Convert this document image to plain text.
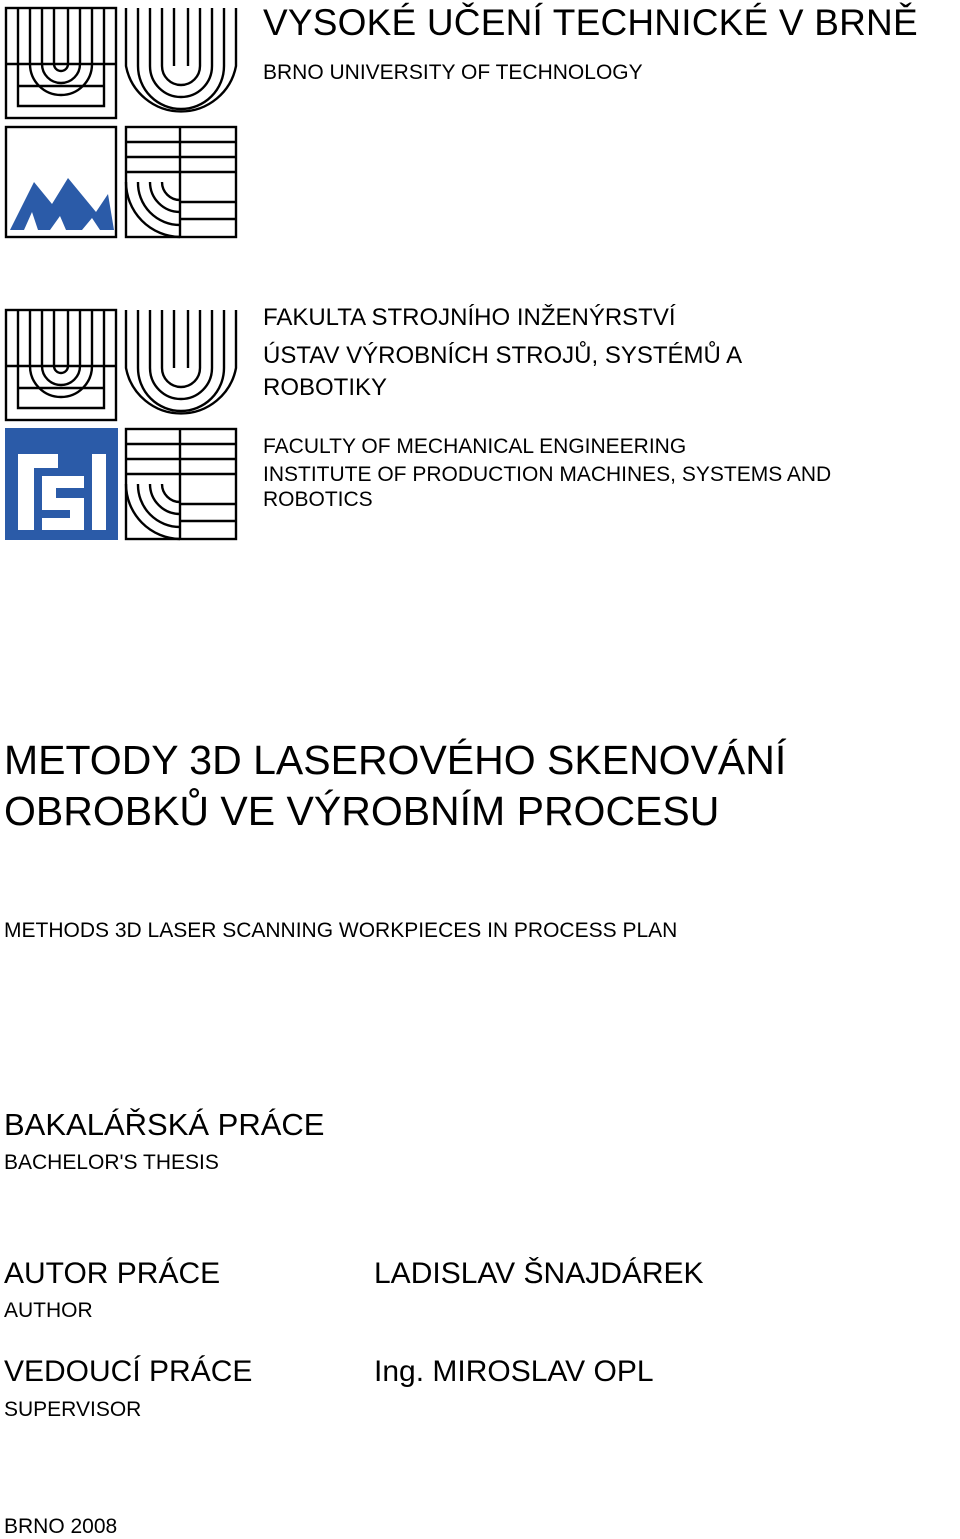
VYSOKÉ UČENÍ TECHNICKÉ V BRNĚ
BRNO UNIVERSITY OF TECHNOLOGY
FAKULTA STROJNÍHO INŽENÝRSTVÍ
ÚSTAV VÝROBNÍCH STROJŮ, SYSTÉMŮ A ROBOTIKY
FACULTY OF MECHANICAL ENGINEERING
INSTITUTE OF PRODUCTION MACHINES, SYSTEMS AND ROBOTICS
METODY 3D LASEROVÉHO SKENOVÁNÍ OBROBKŮ VE VÝROBNÍM PROCESU
METHODS 3D LASER SCANNING WORKPIECES IN PROCESS PLAN
BAKALÁŘSKÁ PRÁCE
BACHELOR'S THESIS
AUTOR PRÁCE
AUTHOR
LADISLAV ŠNAJDÁREK
VEDOUCÍ PRÁCE
SUPERVISOR
Ing. MIROSLAV OPL
BRNO 2008
